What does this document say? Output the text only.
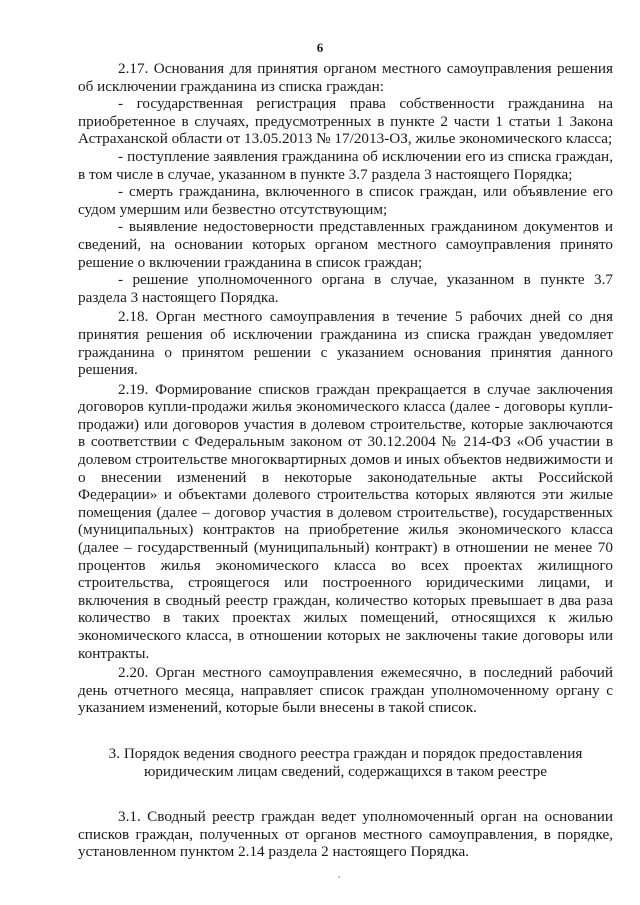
6

2.17. Основания для принятия органом местного самоуправления решения об исключении гражданина из списка граждан:

- государственная регистрация права собственности гражданина на приобретенное в случаях, предусмотренных в пункте 2 части 1 статьи 1 Закона Астраханской области от 13.05.2013 № 17/2013-ОЗ, жилье экономического класса;

- поступление заявления гражданина об исключении его из списка граждан, в том числе в случае, указанном в пункте 3.7 раздела 3 настоящего Порядка;

- смерть гражданина, включенного в список граждан, или объявление его судом умершим или безвестно отсутствующим;

- выявление недостоверности представленных гражданином документов и сведений, на основании которых органом местного самоуправления принято решение о включении гражданина в список граждан;

- решение уполномоченного органа в случае, указанном в пункте 3.7 раздела 3 настоящего Порядка.

2.18. Орган местного самоуправления в течение 5 рабочих дней со дня принятия решения об исключении гражданина из списка граждан уведомляет гражданина о принятом решении с указанием основания принятия данного решения.

2.19. Формирование списков граждан прекращается в случае заключения договоров купли-продажи жилья экономического класса (далее - договоры купли-продажи) или договоров участия в долевом строительстве, которые заключаются в соответствии с Федеральным законом от 30.12.2004 № 214-ФЗ «Об участии в долевом строительстве многоквартирных домов и иных объектов недвижимости и о внесении изменений в некоторые законодательные акты Российской Федерации» и объектами долевого строительства которых являются эти жилые помещения (далее – договор участия в долевом строительстве), государственных (муниципальных) контрактов на приобретение жилья экономического класса (далее – государственный (муниципальный) контракт) в отношении не менее 70 процентов жилья экономического класса во всех проектах жилищного строительства, строящегося или построенного юридическими лицами, и включения в сводный реестр граждан, количество которых превышает в два раза количество в таких проектах жилых помещений, относящихся к жилью экономического класса, в отношении которых не заключены такие договоры или контракты.

2.20. Орган местного самоуправления ежемесячно, в последний рабочий день отчетного месяца, направляет список граждан уполномоченному органу с указанием изменений, которые были внесены в такой список.

3. Порядок ведения сводного реестра граждан и порядок предоставления
юридическим лицам сведений, содержащихся в таком реестре

3.1. Сводный реестр граждан ведет уполномоченный орган на основании списков граждан, полученных от органов местного самоуправления, в порядке, установленном пунктом 2.14 раздела 2 настоящего Порядка.
